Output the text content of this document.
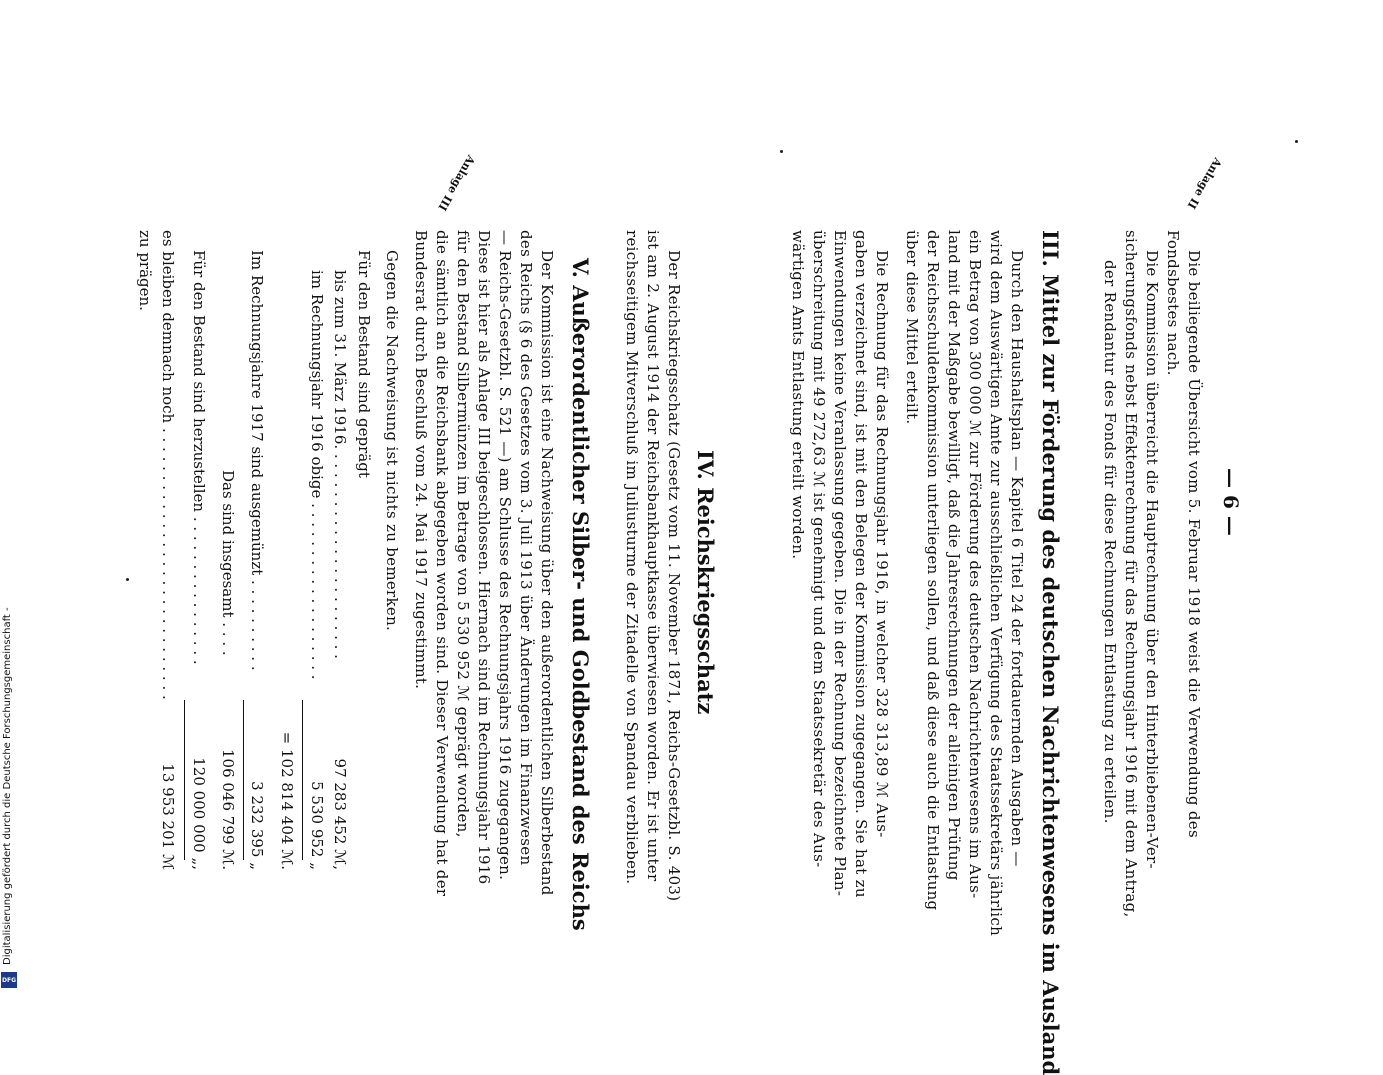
— 6 —
Anlage II
Anlage III
Die beiliegende Übersicht vom 5. Februar 1918 weist die Verwendung des
Fondsbestes nach.
Die Kommission überreicht die Hauptrechnung über den Hinterbliebenen-Ver-
sicherungsfonds nebst Effektenrechnung für das Rechnungsjahr 1916 mit dem Antrag,
der Rendantur des Fonds für diese Rechnungen Entlastung zu erteilen.
III. Mittel zur Förderung des deutschen Nachrichtenwesens im Ausland
Durch den Haushaltsplan — Kapitel 6 Titel 24 der fortdauernden Ausgaben —
wird dem Auswärtigen Amte zur ausschließlichen Verfügung des Staatssekretärs jährlich
ein Betrag von 300 000 ℳ zur Förderung des deutschen Nachrichtenwesens im Aus-
land mit der Maßgabe bewilligt, daß die Jahresrechnungen der alleinigen Prüfung
der Reichsschuldenkommission unterliegen sollen, und daß diese auch die Entlastung
über diese Mittel erteilt.
Die Rechnung für das Rechnungsjahr 1916, in welcher 328 313,89 ℳ Aus-
gaben verzeichnet sind, ist mit den Belegen der Kommission zugegangen. Sie hat zu
Einwendungen keine Veranlassung gegeben. Die in der Rechnung bezeichnete Plan-
überschreitung mit 49 272,63 ℳ ist genehmigt und dem Staatssekretär des Aus-
wärtigen Amts Entlastung erteilt worden.
IV. Reichskriegsschatz
Der Reichskriegsschatz (Gesetz vom 11. November 1871, Reichs-Gesetzbl. S. 403)
ist am 2. August 1914 der Reichsbankhauptkasse überwiesen worden. Er ist unter
reichsseitigem Mitverschluß im Juliusturme der Zitadelle von Spandau verblieben.
V. Außerordentlicher Silber- und Goldbestand des Reichs
Der Kommission ist eine Nachweisung über den außerordentlichen Silberbestand
des Reichs (§ 6 des Gesetzes vom 3. Juli 1913 über Änderungen im Finanzwesen
— Reichs-Gesetzbl. S. 521 —) am Schlusse des Rechnungsjahrs 1916 zugegangen.
Diese ist hier als Anlage III beigeschlossen. Hiernach sind im Rechnungsjahr 1916
für den Bestand Silbermünzen im Betrage von 5 530 952 ℳ geprägt worden,
die sämtlich an die Reichsbank abgegeben worden sind. Dieser Verwendung hat der
Bundesrat durch Beschluß vom 24. Mai 1917 zugestimmt.
Gegen die Nachweisung ist nichts zu bemerken.
Für den Bestand sind geprägt
bis zum 31. März 1916. . . . . . . . . . . . . . . . . . . . . . .
97 283 452 ℳ,
im Rechnungsjahr 1916 obige . . . . . . . . . . . . . . . . . . .
5 530 952 „
= 102 814 404 ℳ.
Im Rechnungsjahre 1917 sind ausgemünzt . . . . . . . . . .
3 232 395 „
Das sind insgesamt . . . .
106 046 799 ℳ.
Für den Bestand sind herzustellen . . . . . . . . . . . . . . . .
120 000 000 „,
es bleiben demnach noch . . . . . . . . . . . . . . . . . . . . . . . . . . . . .
13 953 201 ℳ
zu prägen.
Digitalisierung gefördert durch die Deutsche Forschungsgemeinschaft -
DFG
